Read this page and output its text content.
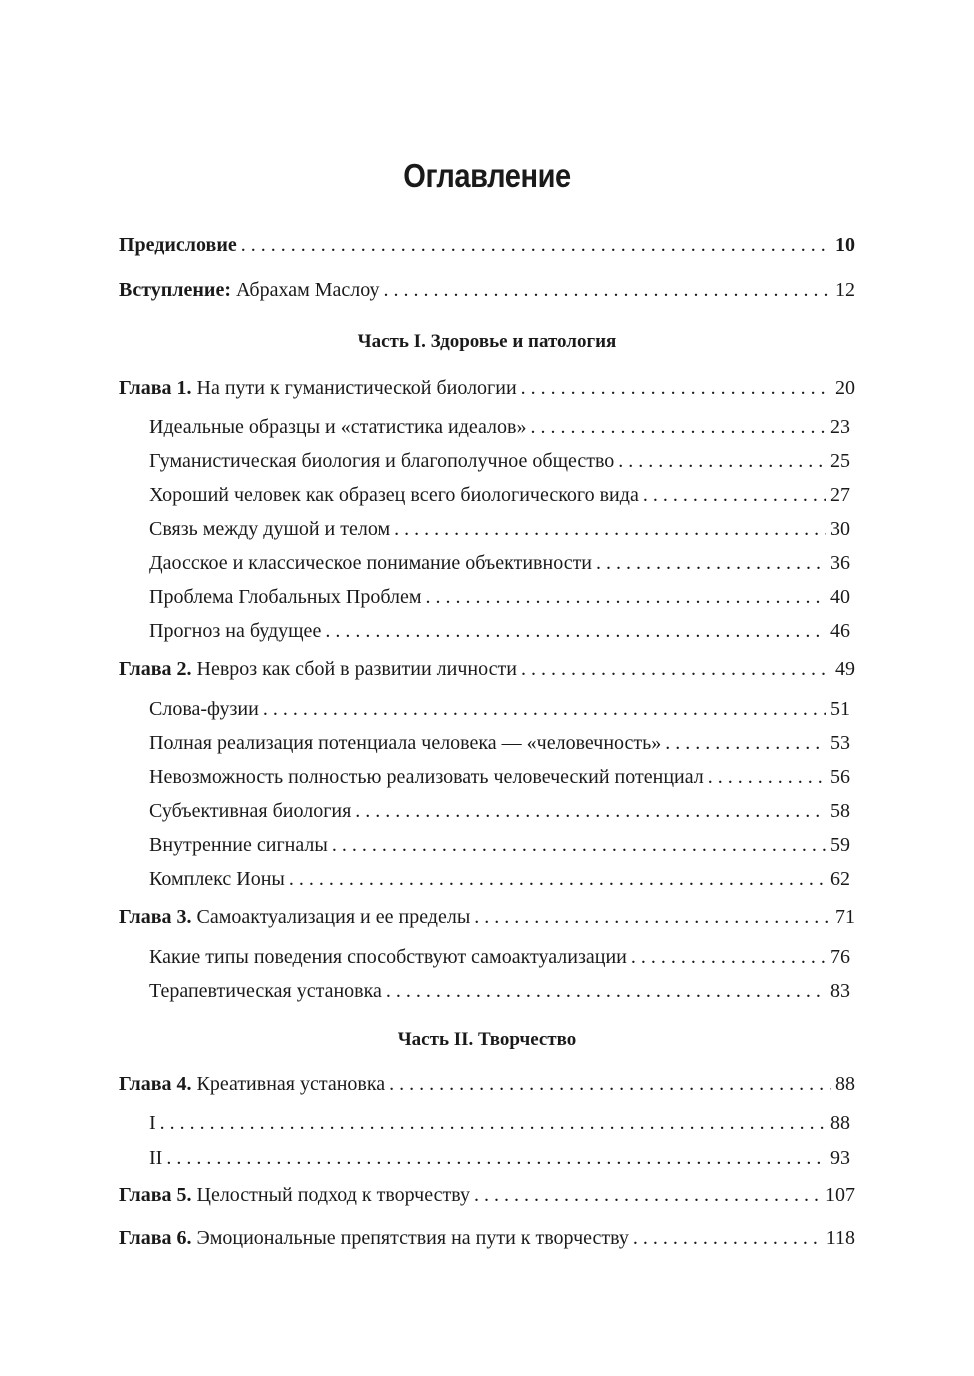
Оглавление
Предисловие . . .	10
Вступление: Абрахам Маслоу . . .	12
Часть I. Здоровье и патология
Глава 1. На пути к гуманистической биологии . . .	20
Идеальные образцы и «статистика идеалов» . . .	23
Гуманистическая биология и благополучное общество . . .	25
Хороший человек как образец всего биологического вида . . .	27
Связь между душой и телом . . .	30
Даосское и классическое понимание объективности . . .	36
Проблема Глобальных Проблем . . .	40
Прогноз на будущее . . .	46
Глава 2. Невроз как сбой в развитии личности . . .	49
Слова-фузии . . .	51
Полная реализация потенциала человека — «человечность» . . .	53
Невозможность полностью реализовать человеческий потенциал . . .	56
Субъективная биология . . .	58
Внутренние сигналы . . .	59
Комплекс Ионы . . .	62
Глава 3. Самоактуализация и ее пределы . . .	71
Какие типы поведения способствуют самоактуализации . . .	76
Терапевтическая установка . . .	83
Часть II. Творчество
Глава 4. Креативная установка . . .	88
I . . .	88
II . . .	93
Глава 5. Целостный подход к творчеству . . .	107
Глава 6. Эмоциональные препятствия на пути к творчеству . . .	118
